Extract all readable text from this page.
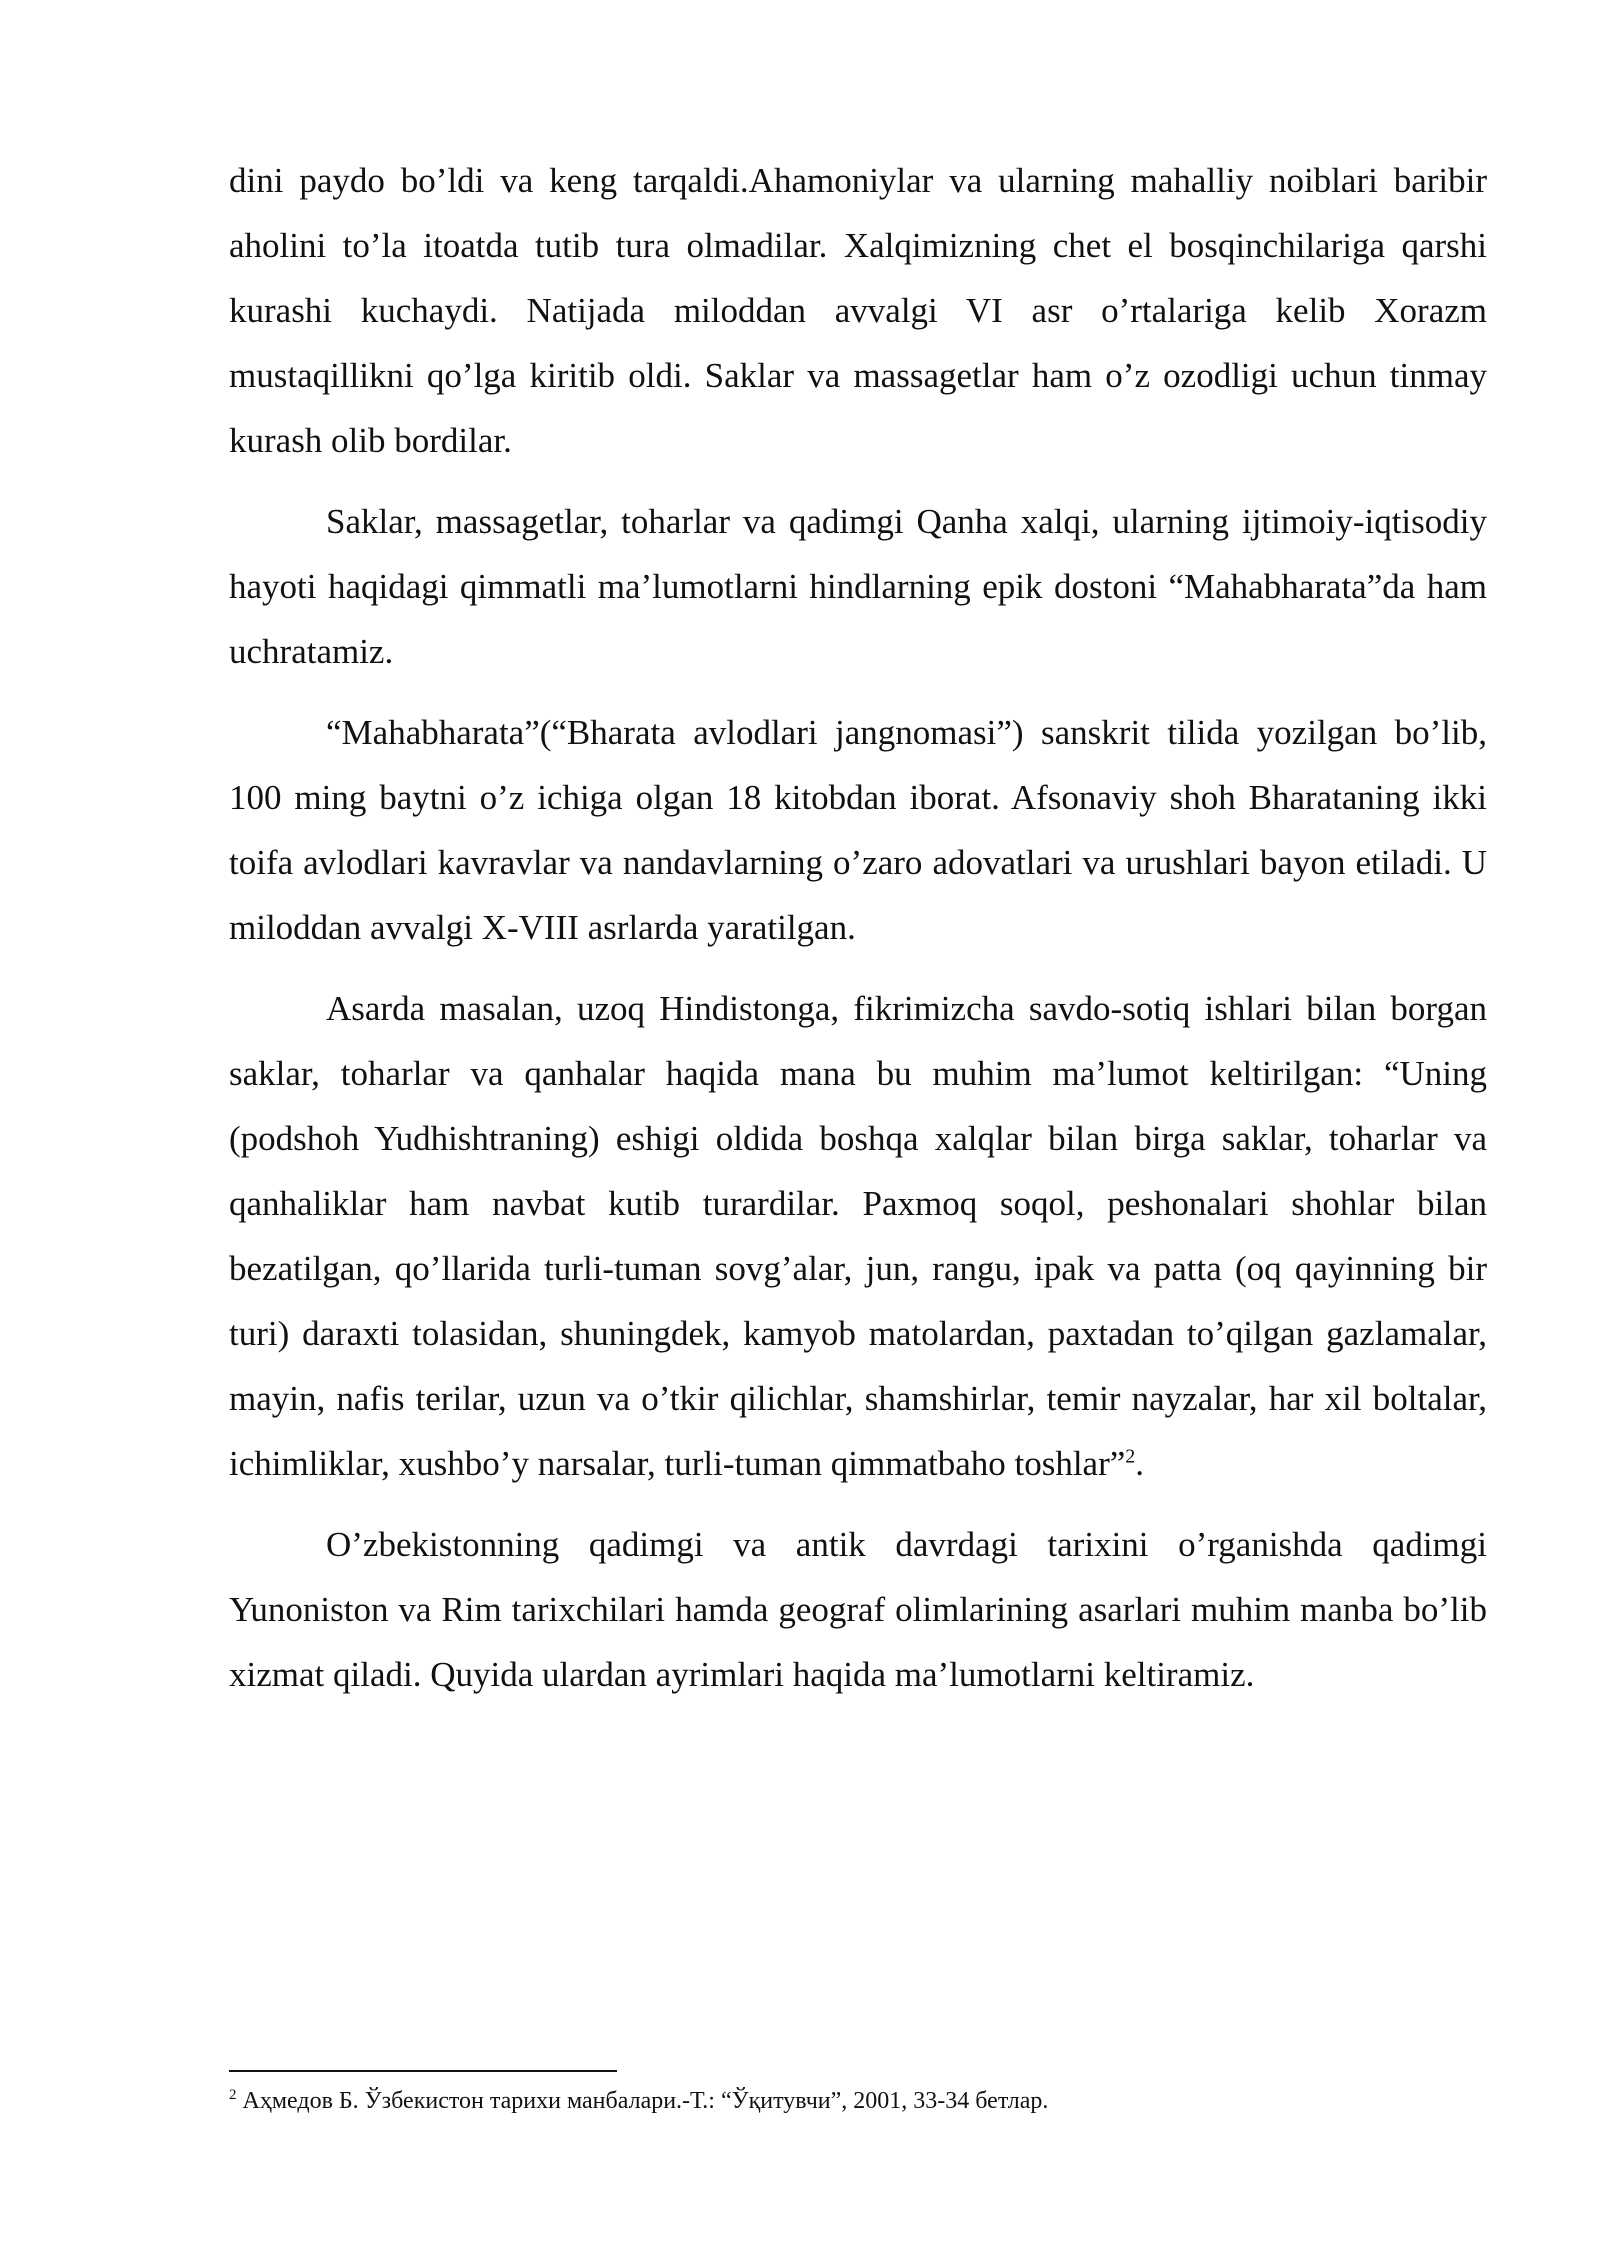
dini paydo bo’ldi va keng tarqaldi.Ahamoniylar va ularning mahalliy noiblari baribir aholini to’la itoatda tutib tura olmadilar. Xalqimizning chet el bosqinchilariga qarshi kurashi kuchaydi. Natijada miloddan avvalgi VI asr o’rtalariga kelib Xorazm mustaqillikni qo’lga kiritib oldi. Saklar va massagetlar ham o’z ozodligi uchun tinmay kurash olib bordilar.

Saklar, massagetlar, toharlar va qadimgi Qanha xalqi, ularning ijtimoiy-iqtisodiy hayoti haqidagi qimmatli ma’lumotlarni hindlarning epik dostoni “Mahabharata”da ham uchratamiz.

“Mahabharata”(“Bharata avlodlari jangnomasi”) sanskrit tilida yozilgan bo’lib, 100 ming baytni o’z ichiga olgan 18 kitobdan iborat. Afsonaviy shoh Bharataning ikki toifa avlodlari kavravlar va nandavlarning o’zaro adovatlari va urushlari bayon etiladi. U miloddan avvalgi X-VIII asrlarda yaratilgan.

Asarda masalan, uzoq Hindistonga, fikrimizcha savdo-sotiq ishlari bilan borgan saklar, toharlar va qanhalar haqida mana bu muhim ma’lumot keltirilgan: “Uning (podshoh Yudhishtraning) eshigi oldida boshqa xalqlar bilan birga saklar, toharlar va qanhaliklar ham navbat kutib turardilar. Paxmoq soqol, peshonalari shohlar bilan bezatilgan, qo’llarida turli-tuman sovg’alar, jun, rangu, ipak va patta (oq qayinning bir turi) daraxti tolasidan, shuningdek, kamyob matolardan, paxtadan to’qilgan gazlamalar, mayin, nafis terilar, uzun va o’tkir qilichlar, shamshirlar, temir nayzalar, har xil boltalar, ichimliklar, xushbo’y narsalar, turli-tuman qimmatbaho toshlar”$^2$.

O’zbekistonning qadimgi va antik davrdagi tarixini o’rganishda qadimgi Yunoniston va Rim tarixchilari hamda geograf olimlarining asarlari muhim manba bo’lib xizmat qiladi. Quyida ulardan ayrimlari haqida ma’lumotlarni keltiramiz.

$^2$ Аҳмедов Б. Ўзбекистон тарихи манбалари.-Т.: “Ўқитувчи”, 2001, 33-34 бетлар.
